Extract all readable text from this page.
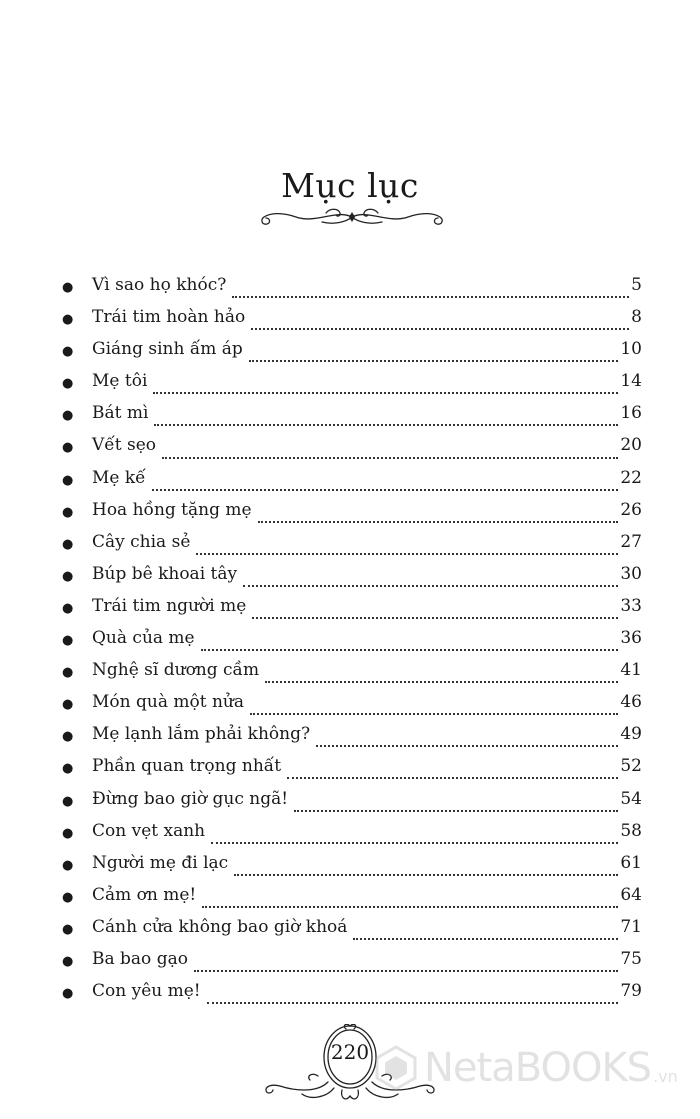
Mục lục
●	Vì sao họ khóc?	5
●	Trái tim hoàn hảo	8
●	Giáng sinh ấm áp	10
●	Mẹ tôi	14
●	Bát mì	16
●	Vết sẹo	20
●	Mẹ kế	22
●	Hoa hồng tặng mẹ	26
●	Cây chia sẻ	27
●	Búp bê khoai tây	30
●	Trái tim người mẹ	33
●	Quà của mẹ	36
●	Nghệ sĩ dương cầm	41
●	Món quà một nửa	46
●	Mẹ lạnh lắm phải không?	49
●	Phần quan trọng nhất	52
●	Đừng bao giờ gục ngã!	54
●	Con vẹt xanh	58
●	Người mẹ đi lạc	61
●	Cảm ơn mẹ!	64
●	Cánh cửa không bao giờ khoá	71
●	Ba bao gạo	75
●	Con yêu mẹ!	79
220 NetaBOOKS .vn
